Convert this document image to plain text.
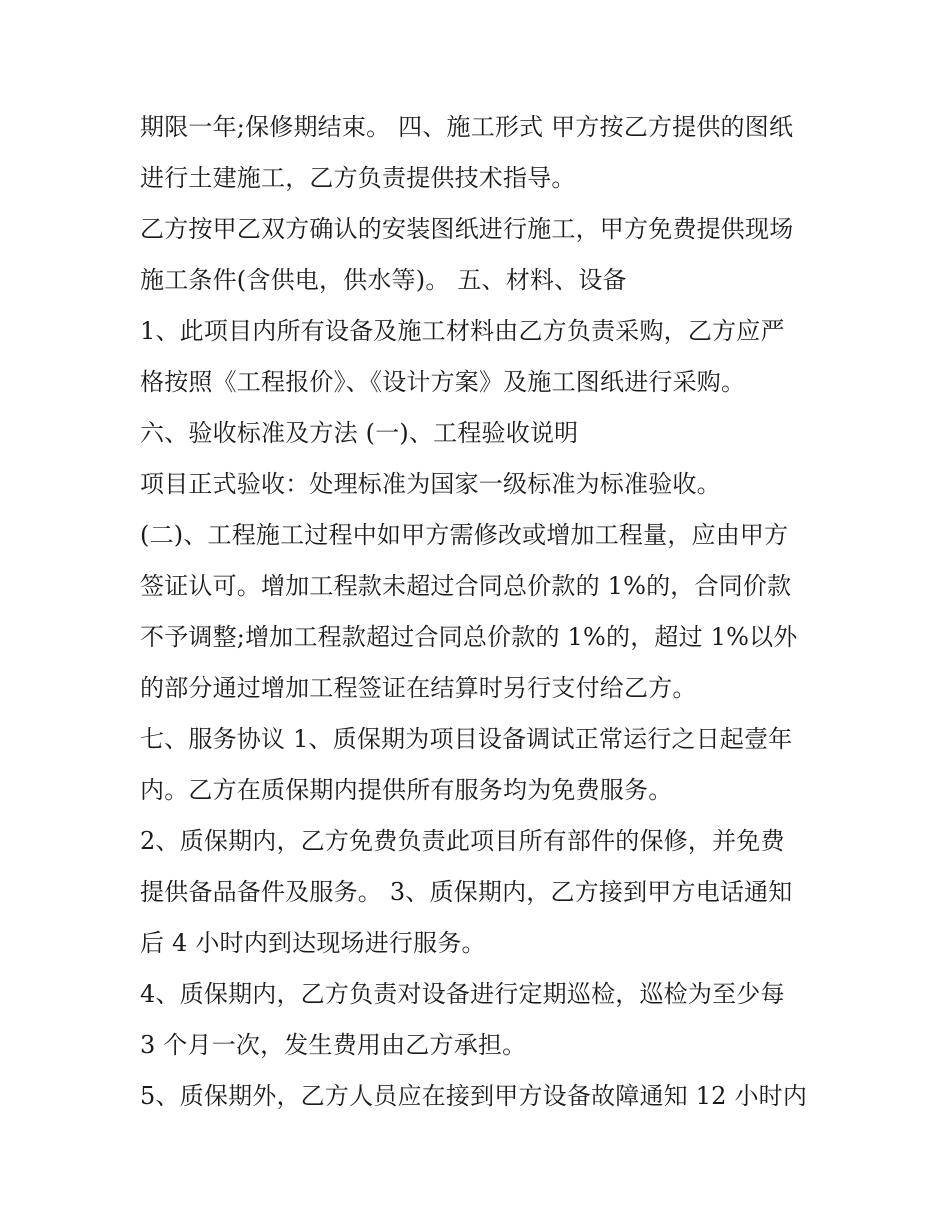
期限一年;保修期结束。 四、施工形式 甲方按乙方提供的图纸
进行土建施工，乙方负责提供技术指导。
乙方按甲乙双方确认的安装图纸进行施工，甲方免费提供现场
施工条件(含供电，供水等)。 五、材料、设备
1、此项目内所有设备及施工材料由乙方负责采购，乙方应严
格按照《工程报价》、《设计方案》及施工图纸进行采购。
六、验收标准及方法 (一)、工程验收说明
项目正式验收：处理标准为国家一级标准为标准验收。
(二)、工程施工过程中如甲方需修改或增加工程量，应由甲方
签证认可。增加工程款未超过合同总价款的 1%的，合同价款
不予调整;增加工程款超过合同总价款的 1%的，超过 1%以外
的部分通过增加工程签证在结算时另行支付给乙方。
七、服务协议 1、质保期为项目设备调试正常运行之日起壹年
内。乙方在质保期内提供所有服务均为免费服务。
2、质保期内，乙方免费负责此项目所有部件的保修，并免费
提供备品备件及服务。 3、质保期内，乙方接到甲方电话通知
后 4 小时内到达现场进行服务。
4、质保期内，乙方负责对设备进行定期巡检，巡检为至少每
3 个月一次，发生费用由乙方承担。
5、质保期外，乙方人员应在接到甲方设备故障通知 12 小时内
